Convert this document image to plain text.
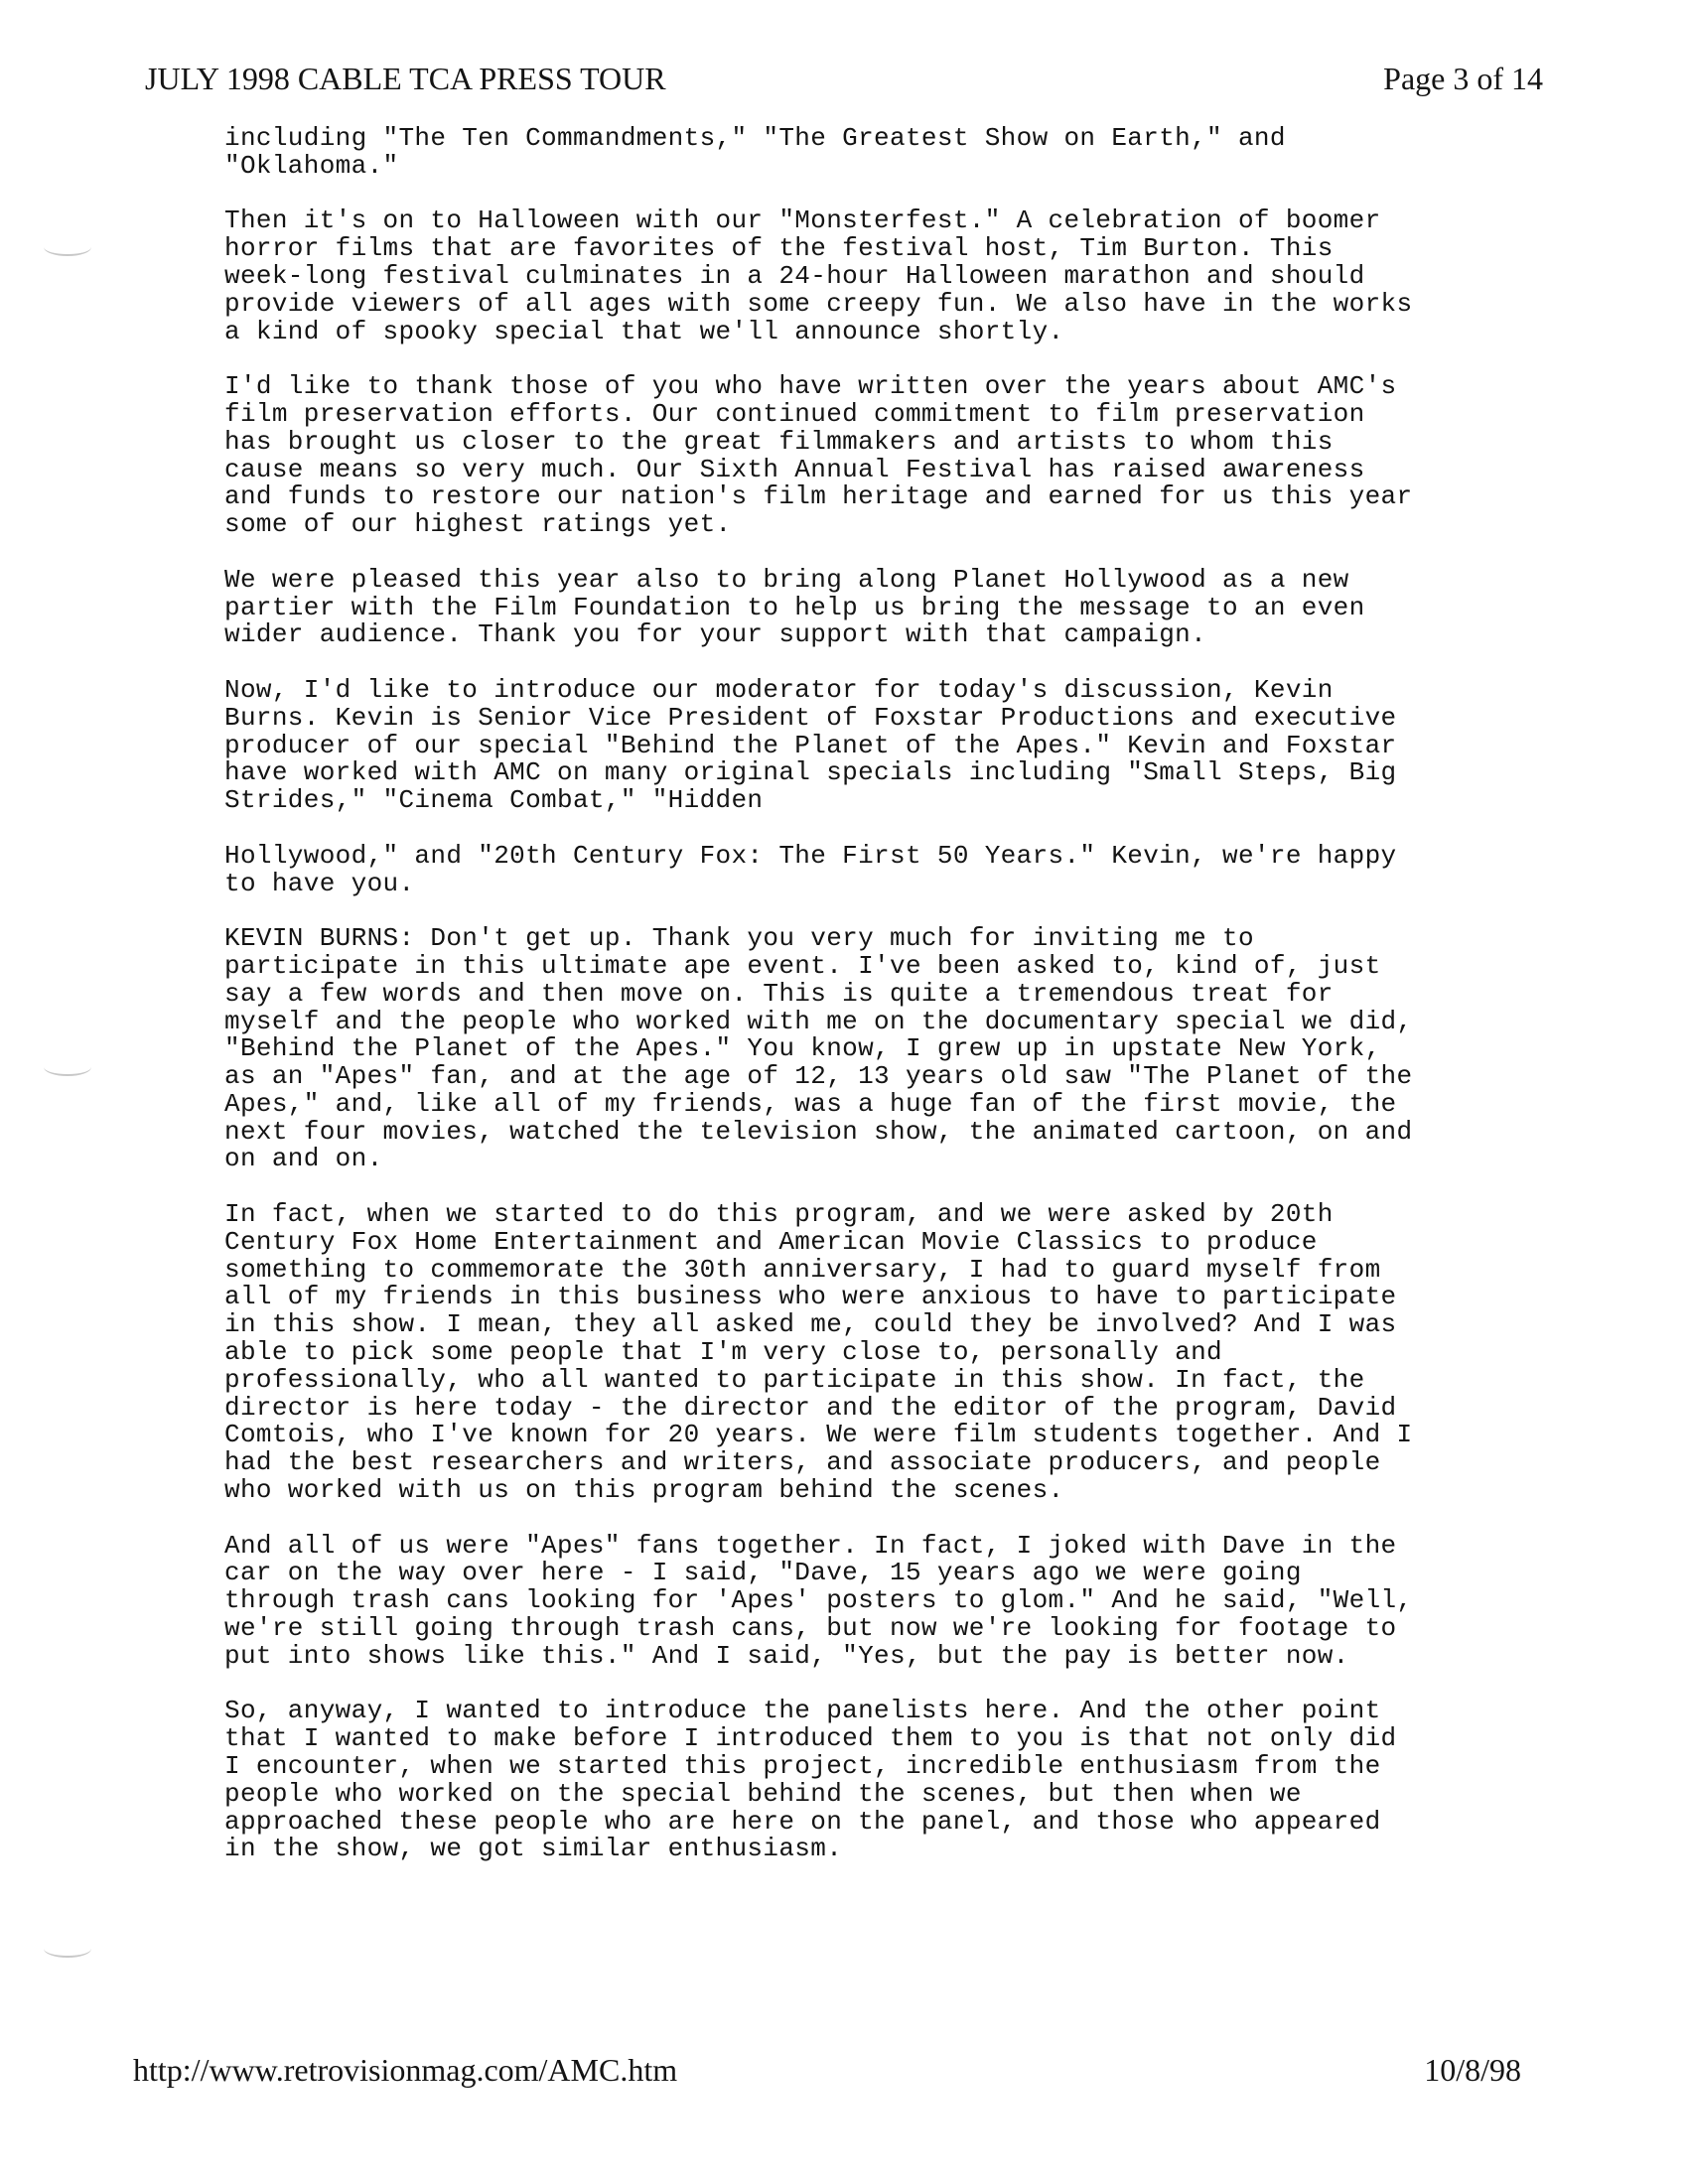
JULY 1998 CABLE TCA PRESS TOUR	Page 3 of 14

including "The Ten Commandments," "The Greatest Show on Earth," and
"Oklahoma."

Then it's on to Halloween with our "Monsterfest." A celebration of boomer
horror films that are favorites of the festival host, Tim Burton. This
week-long festival culminates in a 24-hour Halloween marathon and should
provide viewers of all ages with some creepy fun. We also have in the works
a kind of spooky special that we'll announce shortly.

I'd like to thank those of you who have written over the years about AMC's
film preservation efforts. Our continued commitment to film preservation
has brought us closer to the great filmmakers and artists to whom this
cause means so very much. Our Sixth Annual Festival has raised awareness
and funds to restore our nation's film heritage and earned for us this year
some of our highest ratings yet.

We were pleased this year also to bring along Planet Hollywood as a new
partier with the Film Foundation to help us bring the message to an even
wider audience. Thank you for your support with that campaign.

Now, I'd like to introduce our moderator for today's discussion, Kevin
Burns. Kevin is Senior Vice President of Foxstar Productions and executive
producer of our special "Behind the Planet of the Apes." Kevin and Foxstar
have worked with AMC on many original specials including "Small Steps, Big
Strides," "Cinema Combat," "Hidden

Hollywood," and "20th Century Fox: The First 50 Years." Kevin, we're happy
to have you.

KEVIN BURNS: Don't get up. Thank you very much for inviting me to
participate in this ultimate ape event. I've been asked to, kind of, just
say a few words and then move on. This is quite a tremendous treat for
myself and the people who worked with me on the documentary special we did,
"Behind the Planet of the Apes." You know, I grew up in upstate New York,
as an "Apes" fan, and at the age of 12, 13 years old saw "The Planet of the
Apes," and, like all of my friends, was a huge fan of the first movie, the
next four movies, watched the television show, the animated cartoon, on and
on and on.

In fact, when we started to do this program, and we were asked by 20th
Century Fox Home Entertainment and American Movie Classics to produce
something to commemorate the 30th anniversary, I had to guard myself from
all of my friends in this business who were anxious to have to participate
in this show. I mean, they all asked me, could they be involved? And I was
able to pick some people that I'm very close to, personally and
professionally, who all wanted to participate in this show. In fact, the
director is here today - the director and the editor of the program, David
Comtois, who I've known for 20 years. We were film students together. And I
had the best researchers and writers, and associate producers, and people
who worked with us on this program behind the scenes.

And all of us were "Apes" fans together. In fact, I joked with Dave in the
car on the way over here - I said, "Dave, 15 years ago we were going
through trash cans looking for 'Apes' posters to glom." And he said, "Well,
we're still going through trash cans, but now we're looking for footage to
put into shows like this." And I said, "Yes, but the pay is better now.

So, anyway, I wanted to introduce the panelists here. And the other point
that I wanted to make before I introduced them to you is that not only did
I encounter, when we started this project, incredible enthusiasm from the
people who worked on the special behind the scenes, but then when we
approached these people who are here on the panel, and those who appeared
in the show, we got similar enthusiasm.

http://www.retrovisionmag.com/AMC.htm	10/8/98
